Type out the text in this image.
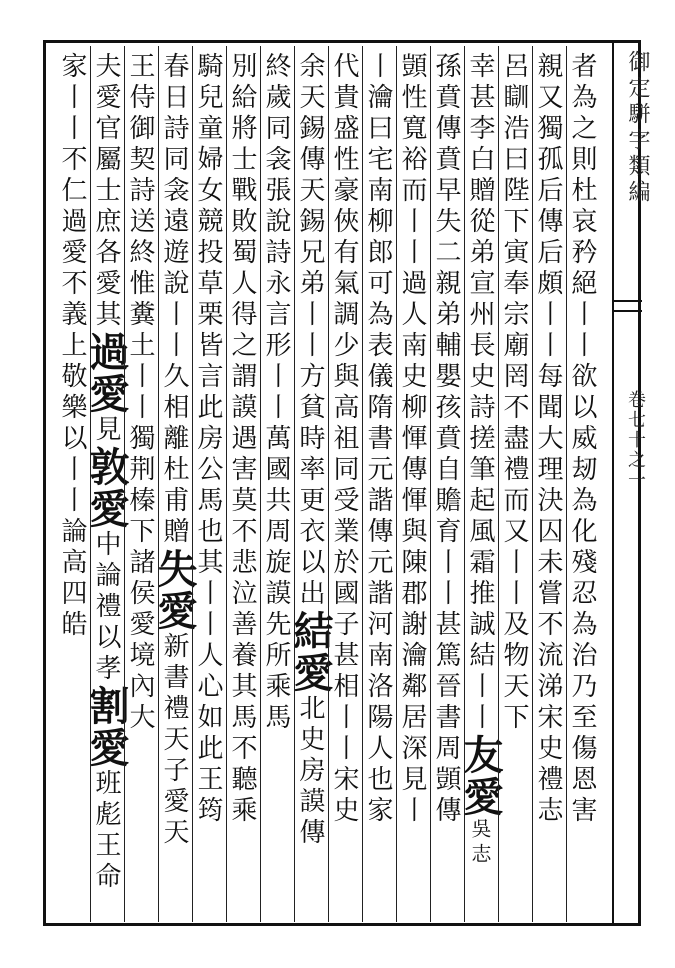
御定駢字類編
卷七十之一
者為之則杜哀矜絕丨丨欲以威刼為化殘忍為治乃至傷恩害
親又獨孤后傳后頗丨丨每聞大理決囚未嘗不流涕宋史禮志
呂瞓浩曰陛下寅奉宗廟罔不盡禮而又丨丨及物天下
幸甚李白贈從弟宣州長史詩搓筆起風霜推誠結丨丨友愛吳志
孫賁傳賁早失二親弟輔嬰孩賁自贍育丨丨甚篤晉書周顗傳
顗性寬裕而丨丨過人南史柳惲傳惲與陳郡謝瀹鄰居深見丨
丨瀹曰宅南柳郎可為表儀隋書元諧傳元諧河南洛陽人也家
代貴盛性豪俠有氣調少與高祖同受業於國子甚相丨丨宋史
余天錫傳天錫兄弟丨丨方貧時率更衣以出結愛北史房謨傳
終歲同衾張說詩永言形丨丨萬國共周旋謨先所乘馬
別給將士戰敗蜀人得之謂謨遇害莫不悲泣善養其馬不聽乘
騎兒童婦女競投草栗皆言此房公馬也其丨丨人心如此王筠
春日詩同衾遠遊說丨丨久相離杜甫贈失愛新書禮天子愛天
王侍御契詩送終惟糞土丨丨獨荆榛下諸侯愛境內大
夫愛官屬士庶各愛其過愛見敦愛中論禮以孝割愛班彪王命
家丨丨不仁過愛不義上敬樂以丨丨論高四皓
